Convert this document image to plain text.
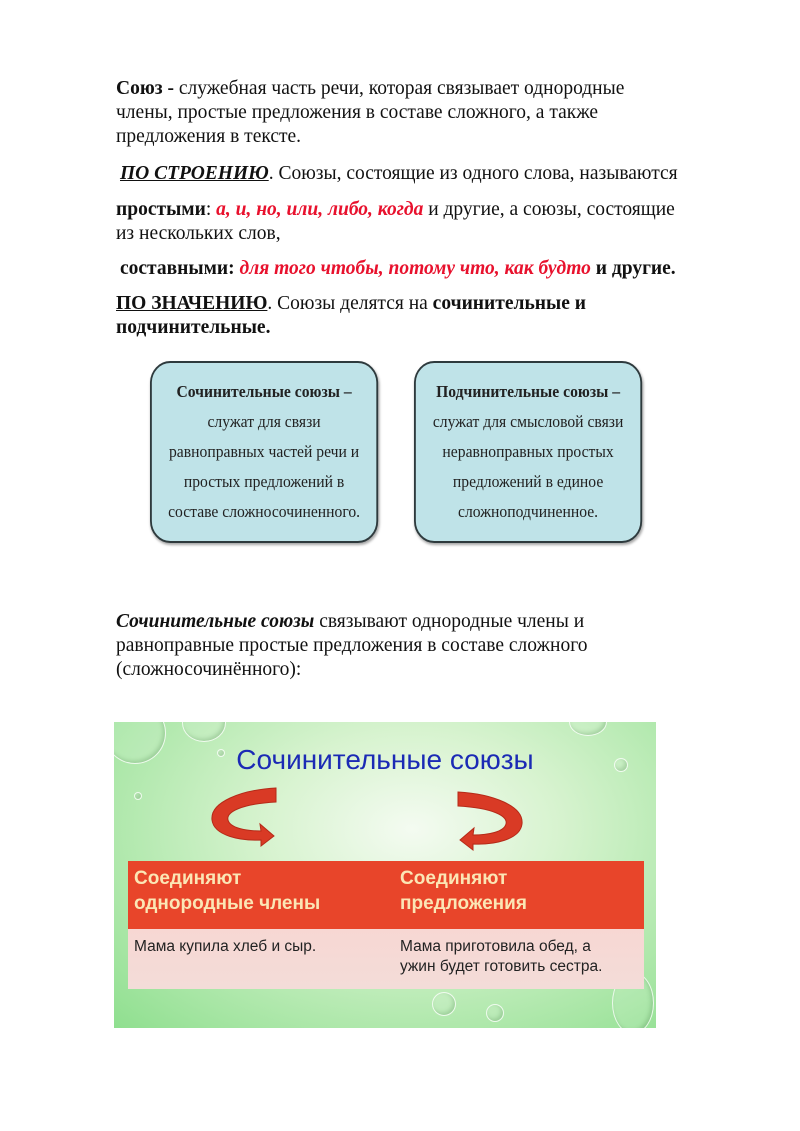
Союз - служебная часть речи, которая связывает однородные
члены, простые предложения в составе сложного, а также
предложения в тексте.

ПО СТРОЕНИЮ. Союзы, состоящие из одного слова, называются

простыми: а, и, но, или, либо, когда и другие, а союзы, состоящие
из нескольких слов,

составными: для того чтобы, потому что, как будто и другие.

ПО ЗНАЧЕНИЮ. Союзы делятся на сочинительные и
подчинительные.

Сочинительные союзы –
служат для связи
равноправных частей речи и
простых предложений в
составе сложносочиненного.
Подчинительные союзы –
служат для смысловой связи
неравноправных простых
предложений в единое
сложноподчиненное.

Сочинительные союзы связывают однородные члены и
равноправные простые предложения в составе сложного
(сложносочинённого):

Сочинительные союзы
Соединяют
однородные члены
Соединяют
предложения
Мама купила хлеб и сыр.	Мама приготовила обед, а
ужин будет готовить сестра.
